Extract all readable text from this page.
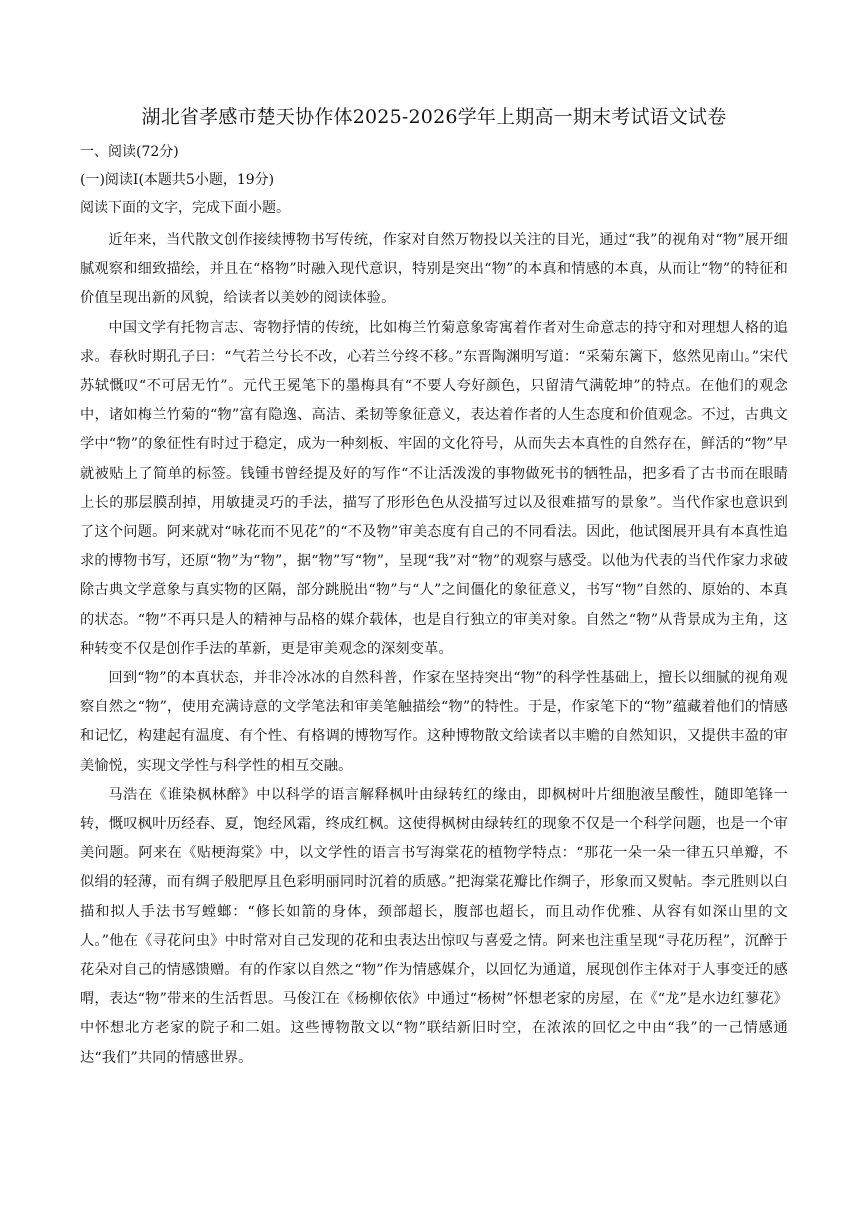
湖北省孝感市楚天协作体2025-2026学年上期高一期末考试语文试卷
一、阅读(72分)
(一)阅读Ⅰ(本题共5小题，19分)
阅读下面的文字，完成下面小题。

近年来，当代散文创作接续博物书写传统，作家对自然万物投以关注的目光，通过“我”的视角对“物”展开细腻观察和细致描绘，并且在“格物”时融入现代意识，特别是突出“物”的本真和情感的本真，从而让“物”的特征和价值呈现出新的风貌，给读者以美妙的阅读体验。

中国文学有托物言志、寄物抒情的传统，比如梅兰竹菊意象寄寓着作者对生命意志的持守和对理想人格的追求。春秋时期孔子曰：“气若兰兮长不改，心若兰兮终不移。”东晋陶渊明写道：“采菊东篱下，悠然见南山。”宋代苏轼慨叹“不可居无竹”。元代王冕笔下的墨梅具有“不要人夸好颜色，只留清气满乾坤”的特点。在他们的观念中，诸如梅兰竹菊的“物”富有隐逸、高洁、柔韧等象征意义，表达着作者的人生态度和价值观念。不过，古典文学中“物”的象征性有时过于稳定，成为一种刻板、牢固的文化符号，从而失去本真性的自然存在，鲜活的“物”早就被贴上了简单的标签。钱锺书曾经提及好的写作“不让活泼泼的事物做死书的牺牲品，把多看了古书而在眼睛上长的那层膜刮掉，用敏捷灵巧的手法，描写了形形色色从没描写过以及很难描写的景象”。当代作家也意识到了这个问题。阿来就对“咏花而不见花”的“不及物”审美态度有自己的不同看法。因此，他试图展开具有本真性追求的博物书写，还原“物”为“物”，据“物”写“物”，呈现“我”对“物”的观察与感受。以他为代表的当代作家力求破除古典文学意象与真实物的区隔，部分跳脱出“物”与“人”之间僵化的象征意义，书写“物”自然的、原始的、本真的状态。“物”不再只是人的精神与品格的媒介载体，也是自行独立的审美对象。自然之“物”从背景成为主角，这种转变不仅是创作手法的革新，更是审美观念的深刻变革。

回到“物”的本真状态，并非冷冰冰的自然科普，作家在坚持突出“物”的科学性基础上，擅长以细腻的视角观察自然之“物”，使用充满诗意的文学笔法和审美笔触描绘“物”的特性。于是，作家笔下的“物”蕴藏着他们的情感和记忆，构建起有温度、有个性、有格调的博物写作。这种博物散文给读者以丰赡的自然知识，又提供丰盈的审美愉悦，实现文学性与科学性的相互交融。

马浩在《谁染枫林醉》中以科学的语言解释枫叶由绿转红的缘由，即枫树叶片细胞液呈酸性，随即笔锋一转，慨叹枫叶历经春、夏，饱经风霜，终成红枫。这使得枫树由绿转红的现象不仅是一个科学问题，也是一个审美问题。阿来在《贴梗海棠》中，以文学性的语言书写海棠花的植物学特点：“那花一朵一朵一律五只单瓣，不似绢的轻薄，而有绸子般肥厚且色彩明丽同时沉着的质感。”把海棠花瓣比作绸子，形象而又熨帖。李元胜则以白描和拟人手法书写螳螂：“修长如箭的身体，颈部超长，腹部也超长，而且动作优雅、从容有如深山里的文人。”他在《寻花问虫》中时常对自己发现的花和虫表达出惊叹与喜爱之情。阿来也注重呈现“寻花历程”，沉醉于花朵对自己的情感馈赠。有的作家以自然之“物”作为情感媒介，以回忆为通道，展现创作主体对于人事变迁的感喟，表达“物”带来的生活哲思。马俊江在《杨柳依依》中通过“杨树”怀想老家的房屋，在《“龙”是水边红蓼花》中怀想北方老家的院子和二姐。这些博物散文以“物”联结新旧时空，在浓浓的回忆之中由“我”的一己情感通达“我们”共同的情感世界。
